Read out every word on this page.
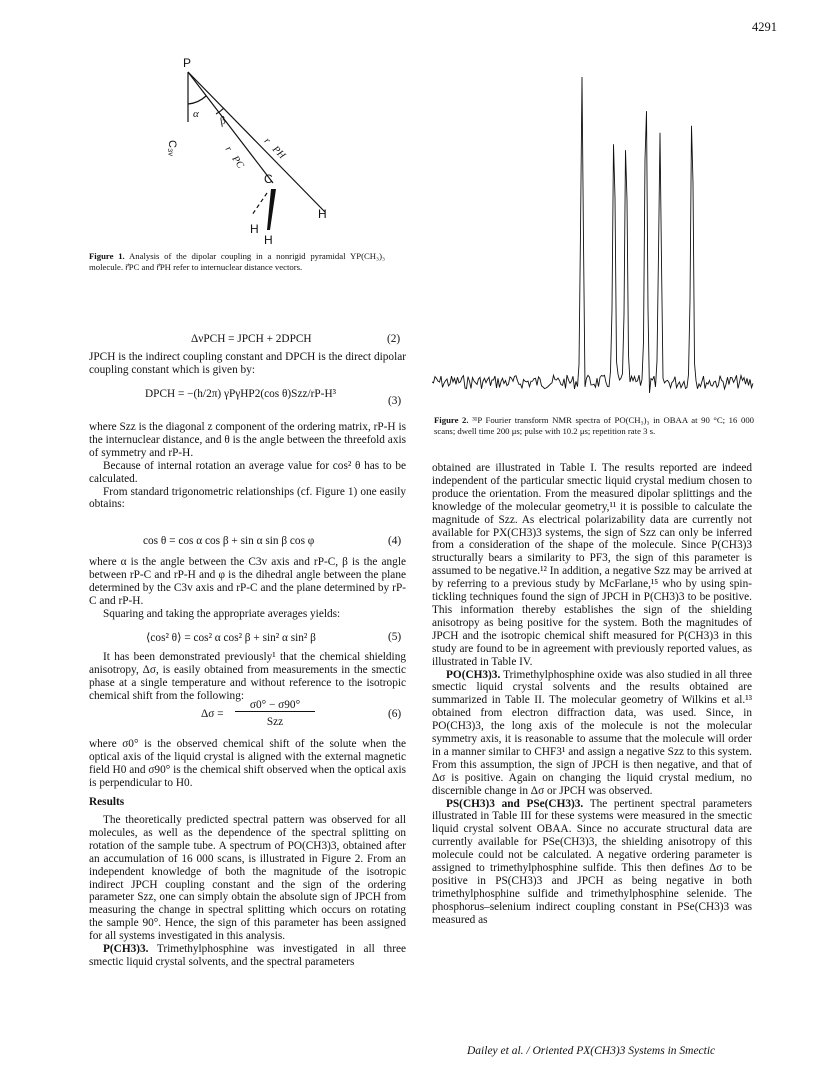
4291
P
α
β
C₃ᵥ	r⃗PC r⃗PH
C
H
H
H
Figure 1. Analysis of the dipolar coupling in a nonrigid pyramidal YP(CH₃)₃ molecule. r⃗PC and r⃗PH refer to internuclear distance vectors.
Figure 2. ³¹P Fourier transform NMR spectra of PO(CH₃)₃ in OBAA at 90 °C; 16 000 scans; dwell time 200 μs; pulse with 10.2 μs; repetition rate 3 s.
ΔνPCH = JPCH + 2DPCH	(2)

JPCH is the indirect coupling constant and DPCH is the direct dipolar coupling constant which is given by:

DPCH = −(h/2π) γPγHP2(cos θ)Szz/rP-H³
(3)

where Szz is the diagonal z component of the ordering matrix, rP-H is the internuclear distance, and θ is the angle between the threefold axis of symmetry and rP-H.

Because of internal rotation an average value for cos² θ has to be calculated.

From standard trigonometric relationships (cf. Figure 1) one easily obtains:

cos θ = cos α cos β + sin α sin β cos φ	(4)

where α is the angle between the C3v axis and rP-C, β is the angle between rP-C and rP-H and φ is the dihedral angle between the plane determined by the C3v axis and rP-C and the plane determined by rP-C and rP-H.

Squaring and taking the appropriate averages yields:

⟨cos² θ⟩ = cos² α cos² β + sin² α sin² β	(5)

It has been demonstrated previously¹ that the chemical shielding anisotropy, Δσ, is easily obtained from measurements in the smectic phase at a single temperature and without reference to the isotropic chemical shift from the following:

Δσ =
σ0° − σ90°
Szz
(6)

where σ0° is the observed chemical shift of the solute when the optical axis of the liquid crystal is aligned with the external magnetic field H0 and σ90° is the chemical shift observed when the optical axis is perpendicular to H0.

Results

The theoretically predicted spectral pattern was observed for all molecules, as well as the dependence of the spectral splitting on rotation of the sample tube. A spectrum of PO(CH3)3, obtained after an accumulation of 16 000 scans, is illustrated in Figure 2. From an independent knowledge of both the magnitude of the isotropic indirect JPCH coupling constant and the sign of the ordering parameter Szz, one can simply obtain the absolute sign of JPCH from measuring the change in spectral splitting which occurs on rotating the sample 90°. Hence, the sign of this parameter has been assigned for all systems investigated in this analysis.

P(CH3)3. Trimethylphosphine was investigated in all three smectic liquid crystal solvents, and the spectral parameters

obtained are illustrated in Table I. The results reported are indeed independent of the particular smectic liquid crystal medium chosen to produce the orientation. From the measured dipolar splittings and the knowledge of the molecular geometry,¹¹ it is possible to calculate the magnitude of Szz. As electrical polarizability data are currently not available for PX(CH3)3 systems, the sign of Szz can only be inferred from a consideration of the shape of the molecule. Since P(CH3)3 structurally bears a similarity to PF3, the sign of this parameter is assumed to be negative.¹² In addition, a negative Szz may be arrived at by referring to a previous study by McFarlane,¹⁵ who by using spin-tickling techniques found the sign of JPCH in P(CH3)3 to be positive. This information thereby establishes the sign of the shielding anisotropy as being positive for the system. Both the magnitudes of JPCH and the isotropic chemical shift measured for P(CH3)3 in this study are found to be in agreement with previously reported values, as illustrated in Table IV.

PO(CH3)3. Trimethylphosphine oxide was also studied in all three smectic liquid crystal solvents and the results obtained are summarized in Table II. The molecular geometry of Wilkins et al.¹³ obtained from electron diffraction data, was used. Since, in PO(CH3)3, the long axis of the molecule is not the molecular symmetry axis, it is reasonable to assume that the molecule will order in a manner similar to CHF3¹ and assign a negative Szz to this system. From this assumption, the sign of JPCH is then negative, and that of Δσ is positive. Again on changing the liquid crystal medium, no discernible change in Δσ or JPCH was observed.

PS(CH3)3 and PSe(CH3)3. The pertinent spectral parameters illustrated in Table III for these systems were measured in the smectic liquid crystal solvent OBAA. Since no accurate structural data are currently available for PSe(CH3)3, the shielding anisotropy of this molecule could not be calculated. A negative ordering parameter is assigned to trimethylphosphine sulfide. This then defines Δσ to be positive in PS(CH3)3 and JPCH as being negative in both trimethylphosphine sulfide and trimethylphosphine selenide. The phosphorus–selenium indirect coupling constant in PSe(CH3)3 was measured as

Dailey et al. / Oriented PX(CH3)3 Systems in Smectic
